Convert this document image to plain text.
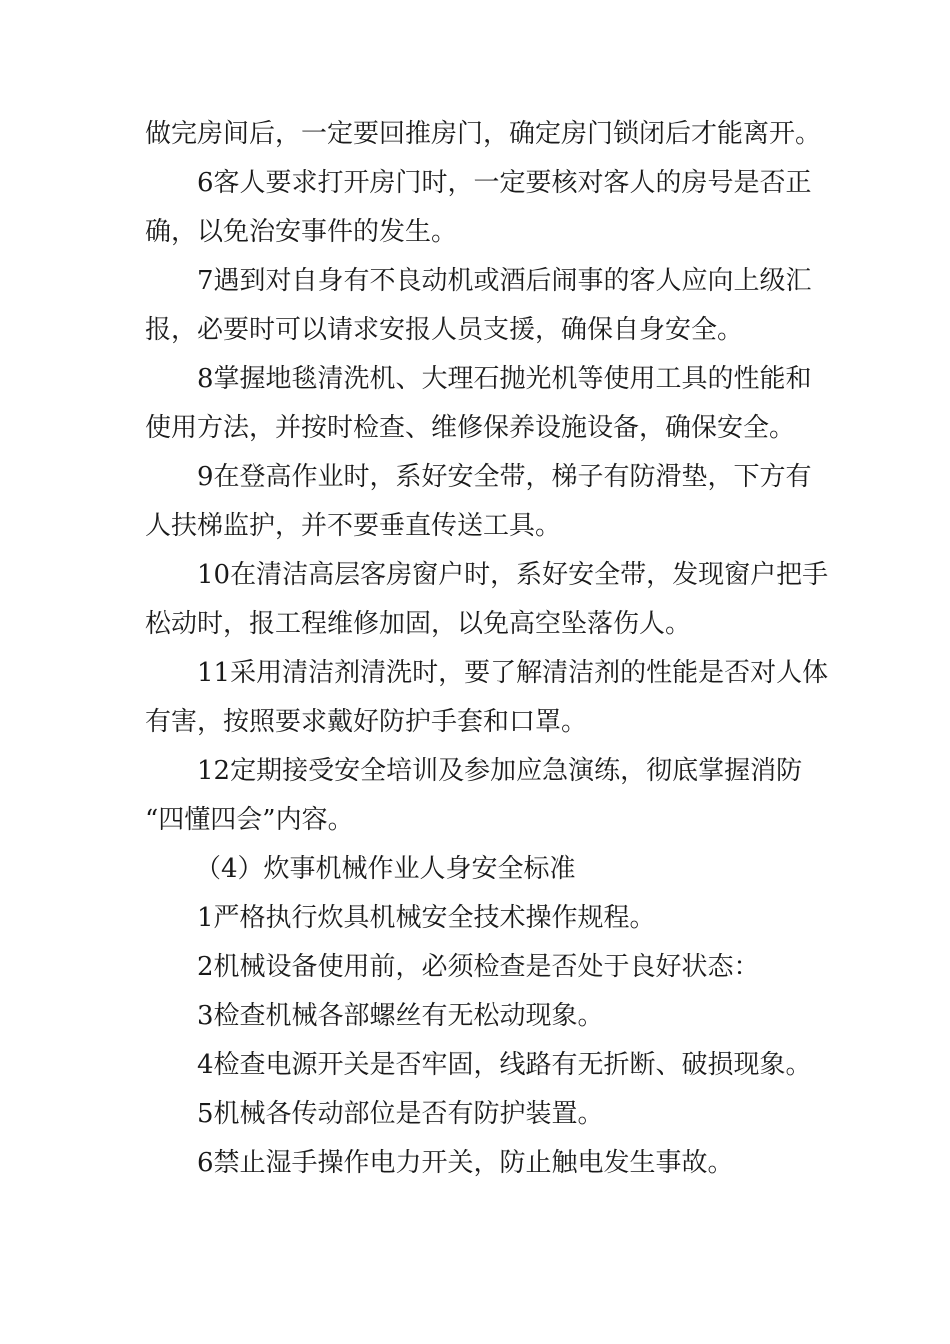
做完房间后，一定要回推房门，确定房门锁闭后才能离开。

6客人要求打开房门时，一定要核对客人的房号是否正

确，以免治安事件的发生。

7遇到对自身有不良动机或酒后闹事的客人应向上级汇

报，必要时可以请求安报人员支援，确保自身安全。

8掌握地毯清洗机、大理石抛光机等使用工具的性能和

使用方法，并按时检查、维修保养设施设备，确保安全。

9在登高作业时，系好安全带，梯子有防滑垫，下方有

人扶梯监护，并不要垂直传送工具。

10在清洁高层客房窗户时，系好安全带，发现窗户把手

松动时，报工程维修加固，以免高空坠落伤人。

11采用清洁剂清洗时，要了解清洁剂的性能是否对人体

有害，按照要求戴好防护手套和口罩。

12定期接受安全培训及参加应急演练，彻底掌握消防

“四懂四会”内容。

（4）炊事机械作业人身安全标准

1严格执行炊具机械安全技术操作规程。

2机械设备使用前，必须检查是否处于良好状态：

3检查机械各部螺丝有无松动现象。

4检查电源开关是否牢固，线路有无折断、破损现象。

5机械各传动部位是否有防护装置。

6禁止湿手操作电力开关，防止触电发生事故。
